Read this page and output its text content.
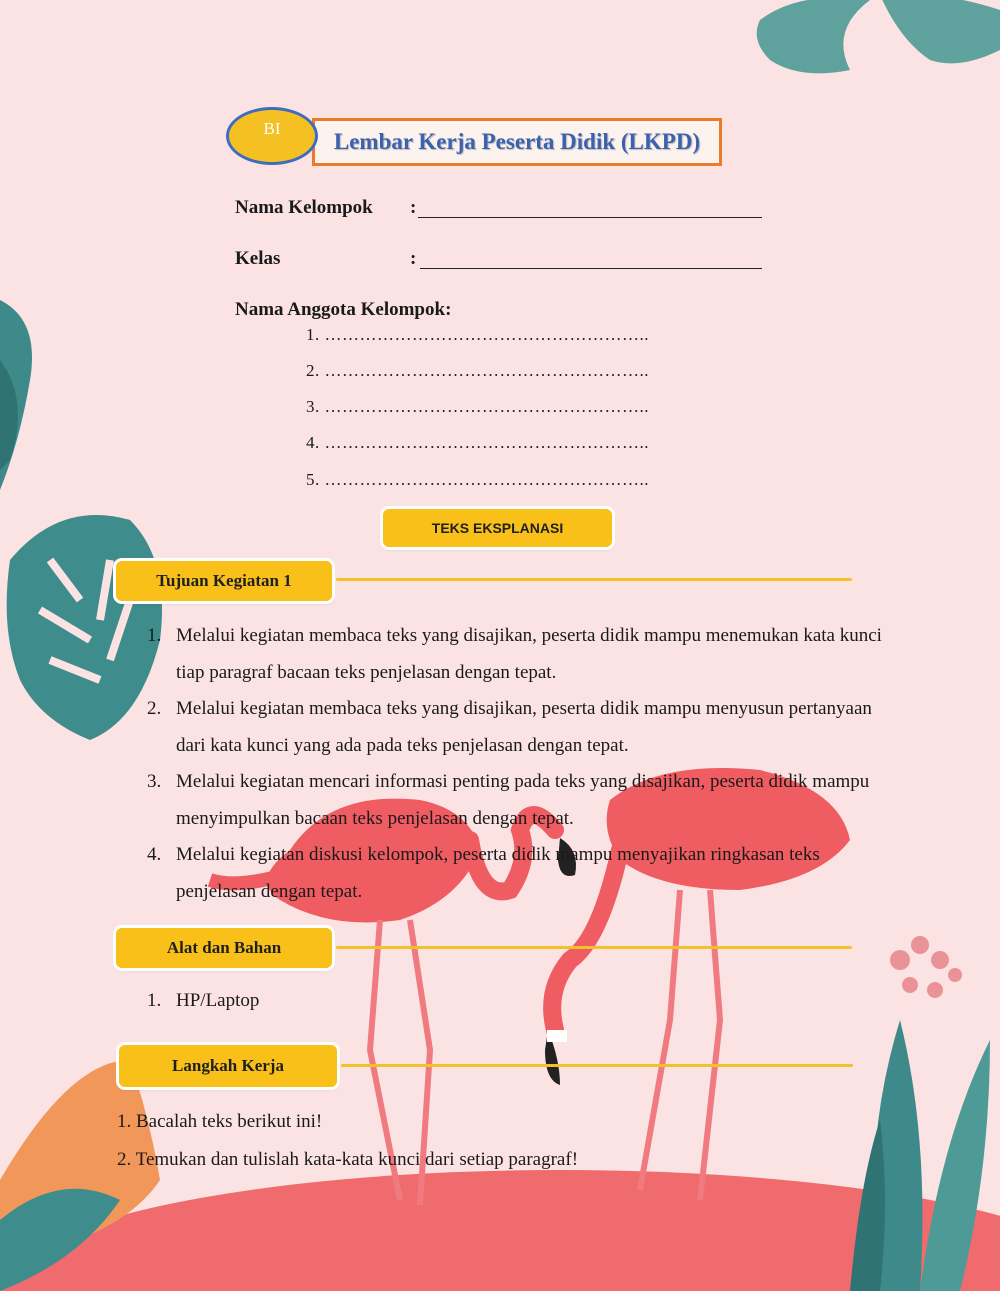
Lembar Kerja Peserta Didik (LKPD)
BI
Nama Kelompok :
Kelas	:
Nama Anggota Kelompok:
1. ………………………………………………..
2. ………………………………………………..
3. ………………………………………………..
4. ………………………………………………..
5. ………………………………………………..
TEKS EKSPLANASI
Tujuan Kegiatan 1
1. Melalui kegiatan membaca teks yang disajikan, peserta didik mampu menemukan kata kunci tiap paragraf bacaan teks penjelasan dengan tepat.
2. Melalui kegiatan membaca teks yang disajikan, peserta didik mampu menyusun pertanyaan dari kata kunci yang ada pada teks penjelasan dengan tepat.
3. Melalui kegiatan mencari informasi penting pada teks yang disajikan, peserta didik mampu menyimpulkan bacaan teks penjelasan dengan tepat.
4. Melalui kegiatan diskusi kelompok, peserta didik mampu menyajikan ringkasan teks penjelasan dengan tepat.
Alat dan Bahan
1. HP/Laptop
Langkah Kerja
1. Bacalah teks berikut ini!
2. Temukan dan tulislah kata-kata kunci dari setiap paragraf!
